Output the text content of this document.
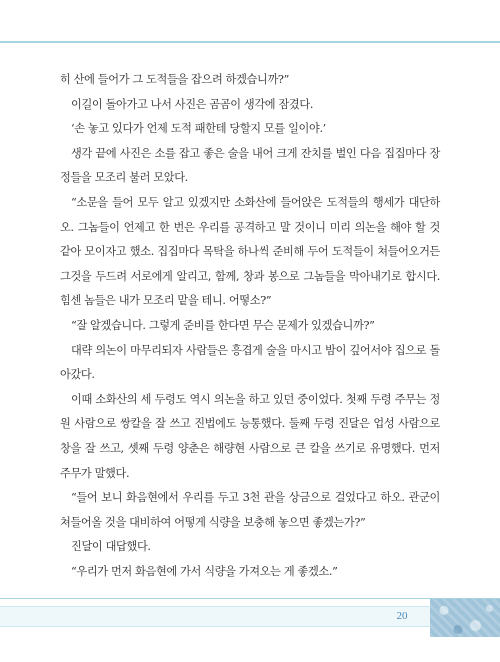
히 산에 들어가 그 도적들을 잡으려 하겠습니까?”

이길이 돌아가고 나서 사진은 곰곰이 생각에 잠겼다.

‘손 놓고 있다가 언제 도적 패한테 당할지 모를 일이야.’

생각 끝에 사진은 소를 잡고 좋은 술을 내어 크게 잔치를 벌인 다음 집집마다 장정들을 모조리 불러 모았다.

“소문을 들어 모두 알고 있겠지만 소화산에 들어앉은 도적들의 행세가 대단하오. 그놈들이 언제고 한 번은 우리를 공격하고 말 것이니 미리 의논을 해야 할 것 같아 모이자고 했소. 집집마다 목탁을 하나씩 준비해 두어 도적들이 쳐들어오거든 그것을 두드려 서로에게 알리고, 함께, 창과 봉으로 그놈들을 막아내기로 합시다. 힘센 놈들은 내가 모조리 맡을 테니. 어떻소?”

“잘 알겠습니다. 그렇게 준비를 한다면 무슨 문제가 있겠습니까?”

대략 의논이 마무리되자 사람들은 흥겹게 술을 마시고 밤이 깊어서야 집으로 돌아갔다.

이때 소화산의 세 두령도 역시 의논을 하고 있던 중이었다. 첫째 두령 주무는 정원 사람으로 쌍칼을 잘 쓰고 진법에도 능통했다. 둘째 두령 진달은 업성 사람으로 창을 잘 쓰고, 셋째 두령 양춘은 해량현 사람으로 큰 칼을 쓰기로 유명했다. 먼저 주무가 말했다.

“들어 보니 화음현에서 우리를 두고 3천 관을 상금으로 걸었다고 하오. 관군이 쳐들어올 것을 대비하여 어떻게 식량을 보충해 놓으면 좋겠는가?”

진달이 대답했다.

“우리가 먼저 화음현에 가서 식량을 가져오는 게 좋겠소.”

20
